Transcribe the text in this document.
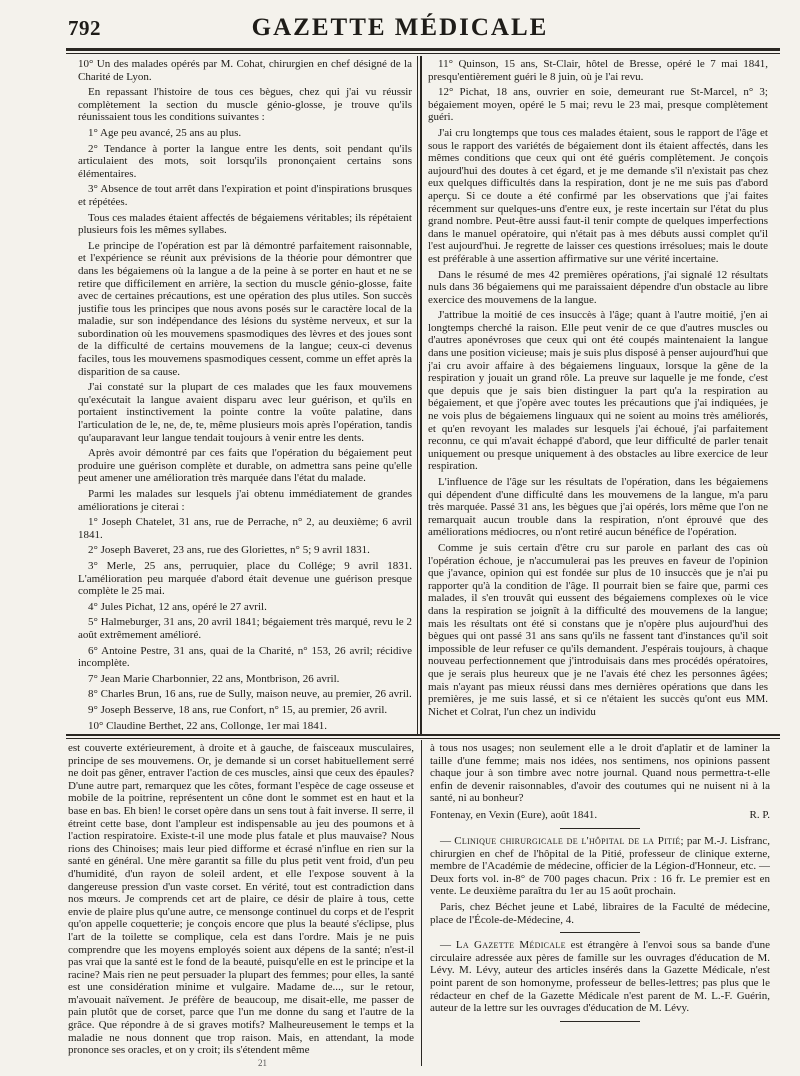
792	GAZETTE MÉDICALE

10° Un des malades opérés par M. Cohat, chirurgien en chef désigné de la Charité de Lyon.

En repassant l'histoire de tous ces bègues, chez qui j'ai vu réussir complètement la section du muscle génio-glosse, je trouve qu'ils réunissaient tous les conditions suivantes :

1° Age peu avancé, 25 ans au plus.

2° Tendance à porter la langue entre les dents, soit pendant qu'ils articulaient des mots, soit lorsqu'ils prononçaient certains sons élémentaires.

3° Absence de tout arrêt dans l'expiration et point d'inspirations brusques et répétées.

Tous ces malades étaient affectés de bégaiemens véritables; ils répétaient plusieurs fois les mêmes syllabes.

Le principe de l'opération est par là démontré parfaitement raisonnable, et l'expérience se réunit aux prévisions de la théorie pour démontrer que dans les bégaiemens où la langue a de la peine à se porter en haut et ne se retire que difficilement en arrière, la section du muscle génio-glosse, faite avec de certaines précautions, est une opération des plus utiles. Son succès justifie tous les principes que nous avons posés sur le caractère local de la maladie, sur son indépendance des lésions du système nerveux, et sur la subordination où les mouvemens spasmodiques des lèvres et des joues sont de la difficulté de certains mouvemens de la langue; ceux-ci devenus faciles, tous les mouvemens spasmodiques cessent, comme un effet après la disparition de sa cause.

J'ai constaté sur la plupart de ces malades que les faux mouvemens qu'exécutait la langue avaient disparu avec leur guérison, et qu'ils en portaient instinctivement la pointe contre la voûte palatine, dans l'articulation de le, ne, de, te, même plusieurs mois après l'opération, tandis qu'auparavant leur langue tendait toujours à venir entre les dents.

Après avoir démontré par ces faits que l'opération du bégaiement peut produire une guérison complète et durable, on admettra sans peine qu'elle peut amener une amélioration très marquée dans l'état du malade.

Parmi les malades sur lesquels j'ai obtenu immédiatement de grandes améliorations je citerai :

1° Joseph Chatelet, 31 ans, rue de Perrache, n° 2, au deuxième; 6 avril 1841.

2° Joseph Baveret, 23 ans, rue des Gloriettes, n° 5; 9 avril 1831.

3° Merle, 25 ans, perruquier, place du Collége; 9 avril 1831. L'amélioration peu marquée d'abord était devenue une guérison presque complète le 25 mai.

4° Jules Pichat, 12 ans, opéré le 27 avril.

5° Halmeburger, 31 ans, 20 avril 1841; bégaiement très marqué, revu le 2 août extrêmement amélioré.

6° Antoine Pestre, 31 ans, quai de la Charité, n° 153, 26 avril; récidive incomplète.

7° Jean Marie Charbonnier, 22 ans, Montbrison, 26 avril.

8° Charles Brun, 16 ans, rue de Sully, maison neuve, au premier, 26 avril.

9° Joseph Besserve, 18 ans, rue Confort, n° 15, au premier, 26 avril.

10° Claudine Berthet, 22 ans, Collonge, 1er mai 1841.

11° Quinson, 15 ans, St-Clair, hôtel de Bresse, opéré le 7 mai 1841, presqu'entièrement guéri le 8 juin, où je l'ai revu.

12° Pichat, 18 ans, ouvrier en soie, demeurant rue St-Marcel, n° 3; bégaiement moyen, opéré le 5 mai; revu le 23 mai, presque complètement guéri.

J'ai cru longtemps que tous ces malades étaient, sous le rapport de l'âge et sous le rapport des variétés de bégaiement dont ils étaient affectés, dans les mêmes conditions que ceux qui ont été guéris complètement. Je conçois aujourd'hui des doutes à cet égard, et je me demande s'il n'existait pas chez eux quelques difficultés dans la respiration, dont je ne me suis pas d'abord aperçu. Si ce doute a été confirmé par les observations que j'ai faites récemment sur quelques-uns d'entre eux, je reste incertain sur l'état du plus grand nombre. Peut-être aussi faut-il tenir compte de quelques imperfections dans le manuel opératoire, qui n'était pas à mes débuts aussi complet qu'il l'est aujourd'hui. Je regrette de laisser ces questions irrésolues; mais le doute est préférable à une assertion affirmative sur une vérité incertaine.

Dans le résumé de mes 42 premières opérations, j'ai signalé 12 résultats nuls dans 36 bégaiemens qui me paraissaient dépendre d'un obstacle au libre exercice des mouvemens de la langue.

J'attribue la moitié de ces insuccès à l'âge; quant à l'autre moitié, j'en ai longtemps cherché la raison. Elle peut venir de ce que d'autres muscles ou d'autres aponévroses que ceux qui ont été coupés maintenaient la langue dans une position vicieuse; mais je suis plus disposé à penser aujourd'hui que j'ai cru avoir affaire à des bégaiemens linguaux, lorsque la gêne de la respiration y jouait un grand rôle. La preuve sur laquelle je me fonde, c'est que depuis que je sais bien distinguer la part qu'a la respiration au bégaiement, et que j'opère avec toutes les précautions que j'ai indiquées, je ne vois plus de bégaiemens linguaux qui ne soient au moins très améliorés, et qu'en revoyant les malades sur lesquels j'ai échoué, j'ai parfaitement reconnu, ce qui m'avait échappé d'abord, que leur difficulté de parler tenait uniquement ou presque uniquement à des obstacles au libre exercice de leur respiration.

L'influence de l'âge sur les résultats de l'opération, dans les bégaiemens qui dépendent d'une difficulté dans les mouvemens de la langue, m'a paru très marquée. Passé 31 ans, les bègues que j'ai opérés, lors même que l'on ne remarquait aucun trouble dans la respiration, n'ont éprouvé que des améliorations médiocres, ou n'ont retiré aucun bénéfice de l'opération.

Comme je suis certain d'être cru sur parole en parlant des cas où l'opération échoue, je n'accumulerai pas les preuves en faveur de l'opinion que j'avance, opinion qui est fondée sur plus de 10 insuccès que je n'ai pu rapporter qu'à la condition de l'âge. Il pourrait bien se faire que, parmi ces malades, il s'en trouvât qui eussent des bégaiemens complexes où le vice dans la respiration se joignît à la difficulté des mouvemens de la langue; mais les résultats ont été si constans que je n'opère plus aujourd'hui des bègues qui ont passé 31 ans sans qu'ils ne fassent tant d'instances qu'il soit impossible de leur refuser ce qu'ils demandent. J'espérais toujours, à chaque nouveau perfectionnement que j'introduisais dans mes procédés opératoires, que je serais plus heureux que je ne l'avais été chez les personnes âgées; mais n'ayant pas mieux réussi dans mes dernières opérations que dans les premières, je me suis lassé, et si ce n'étaient les succès qu'ont eus MM. Nichet et Colrat, l'un chez un individu

est couverte extérieurement, à droite et à gauche, de faisceaux musculaires, principe de ses mouvemens. Or, je demande si un corset habituellement serré ne doit pas gêner, entraver l'action de ces muscles, ainsi que ceux des épaules? D'une autre part, remarquez que les côtes, formant l'espèce de cage osseuse et mobile de la poitrine, représentent un cône dont le sommet est en haut et la base en bas. Eh bien! le corset opère dans un sens tout à fait inverse. Il serre, il étreint cette base, dont l'ampleur est indispensable au jeu des poumons et à l'action respiratoire. Existe-t-il une mode plus fatale et plus mauvaise? Nous rions des Chinoises; mais leur pied difforme et écrasé n'influe en rien sur la santé en général. Une mère garantit sa fille du plus petit vent froid, d'un peu d'humidité, d'un rayon de soleil ardent, et elle l'expose souvent à la dangereuse pression d'un vaste corset. En vérité, tout est contradiction dans nos mœurs. Je comprends cet art de plaire, ce désir de plaire à tous, cette envie de plaire plus qu'une autre, ce mensonge continuel du corps et de l'esprit qu'on appelle coquetterie; je conçois encore que plus la beauté s'éclipse, plus l'art de la toilette se complique, cela est dans l'ordre. Mais je ne puis comprendre que les moyens employés soient aux dépens de la santé; n'est-il pas vrai que la santé est le fond de la beauté, puisqu'elle en est le principe et la racine? Mais rien ne peut persuader la plupart des femmes; pour elles, la santé est une considération minime et vulgaire. Madame de..., sur le retour, m'avouait naïvement. Je préfère de beaucoup, me disait-elle, me passer de pain plutôt que de corset, parce que l'un me donne du sang et l'autre de la grâce. Que répondre à de si graves motifs? Malheureusement le temps et la maladie ne nous donnent que trop raison. Mais, en attendant, la mode prononce ses oracles, et on y croit; ils s'étendent même

à tous nos usages; non seulement elle a le droit d'aplatir et de laminer la taille d'une femme; mais nos idées, nos sentimens, nos opinions passent chaque jour à son timbre avec notre journal. Quand nous permettra-t-elle enfin de devenir raisonnables, d'avoir des coutumes qui ne nuisent ni à la santé, ni au bonheur?

Fontenay, en Vexin (Eure), août 1841.	R. P.

— Clinique chirurgicale de l'hôpital de la Pitié; par M.-J. Lisfranc, chirurgien en chef de l'hôpital de la Pitié, professeur de clinique externe, membre de l'Académie de médecine, officier de la Légion-d'Honneur, etc. — Deux forts vol. in-8° de 700 pages chacun. Prix : 16 fr. Le premier est en vente. Le deuxième paraîtra du 1er au 15 août prochain.

Paris, chez Béchet jeune et Labé, libraires de la Faculté de médecine, place de l'École-de-Médecine, 4.

— La Gazette Médicale est étrangère à l'envoi sous sa bande d'une circulaire adressée aux pères de famille sur les ouvrages d'éducation de M. Lévy. M. Lévy, auteur des articles insérés dans la Gazette Médicale, n'est point parent de son homonyme, professeur de belles-lettres; pas plus que le rédacteur en chef de la Gazette Médicale n'est parent de M. L.-F. Guérin, auteur de la lettre sur les ouvrages d'éducation de M. Lévy.

21
